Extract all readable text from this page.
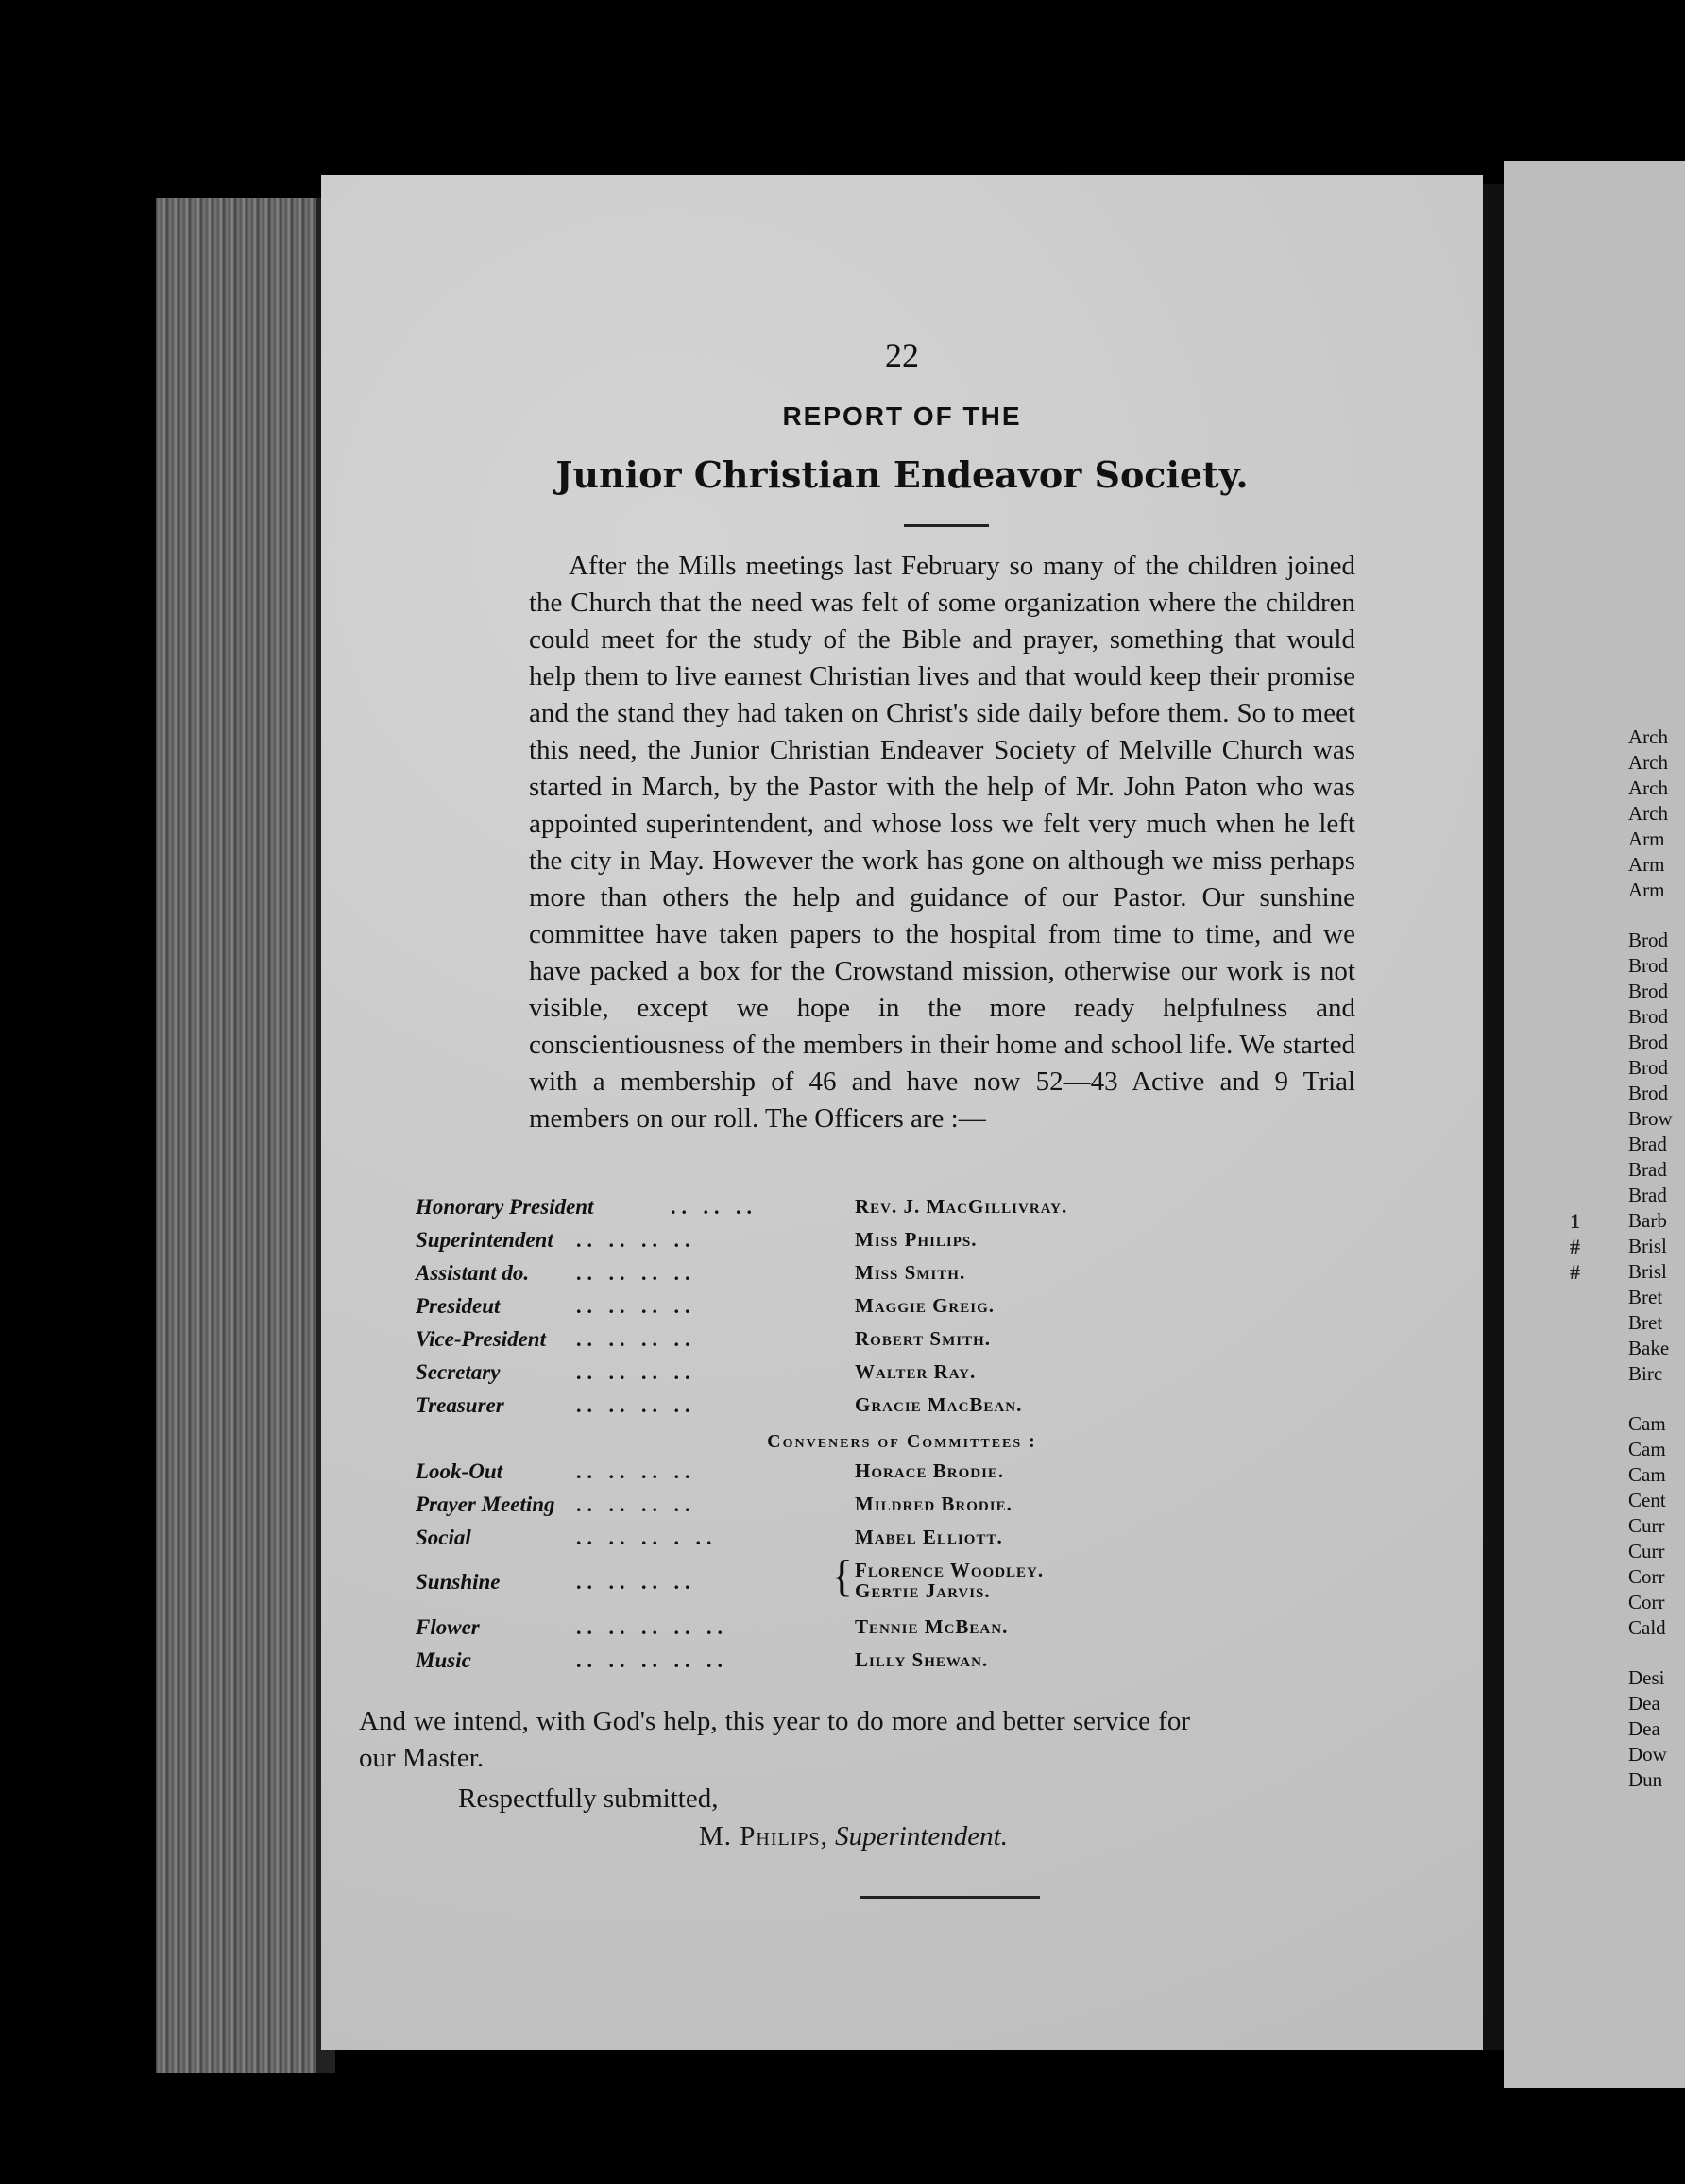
22
REPORT OF THE
Junior Christian Endeavor Society.
After the Mills meetings last February so many of the children joined the Church that the need was felt of some organization where the children could meet for the study of the Bible and prayer, something that would help them to live earnest Christian lives and that would keep their promise and the stand they had taken on Christ's side daily before them. So to meet this need, the Junior Christian Endeaver Society of Melville Church was started in March, by the Pastor with the help of Mr. John Paton who was appointed superintendent, and whose loss we felt very much when he left the city in May. However the work has gone on although we miss perhaps more than others the help and guidance of our Pastor. Our sunshine committee have taken papers to the hospital from time to time, and we have packed a box for the Crowstand mission, otherwise our work is not visible, except we hope in the more ready helpfulness and conscientiousness of the members in their home and school life. We started with a membership of 46 and have now 52—43 Active and 9 Trial members on our roll. The Officers are :—
Honorary President	.. .. ..	Rev. J. MacGillivray.
Superintendent .. .. .. ..	Miss Philips.
Assistant do. .. .. .. ..	Miss Smith.
Presideut	.. .. .. ..	Maggie Greig.
Vice-President .. .. .. ..	Robert Smith.
Secretary	.. .. .. ..	Walter Ray.
Treasurer	.. .. .. ..	Gracie MacBean.
Conveners of Committees :
Look-Out	.. .. .. ..	Horace Brodie.
Prayer Meeting .. .. .. ..	Mildred Brodie.
Social	.. .. .. . ..	Mabel Elliott.
Sunshine	.. .. .. ..	{ Florence Woodley.
Gertie Jarvis.
Flower	.. .. .. .. ..	Tennie McBean.
Music	.. .. .. .. ..	Lilly Shewan.
And we intend, with God's help, this year to do more and better service for our Master.
Respectfully submitted,
M. Philips, Superintendent.
Arch
Arch
Arch
Arch
Arm
Arm
Arm
Brod
Brod
Brod
Brod
Brod
Brod
Brod
Brow
Brad
Brad
Brad
Barb
Brisl
Brisl
Bret
Bret
Bake
Birc
Cam
Cam
Cam
Cent
Curr
Curr
Corr
Corr
Cald
Desi
Dea
Dea
Dow
Dun
1
#
#
